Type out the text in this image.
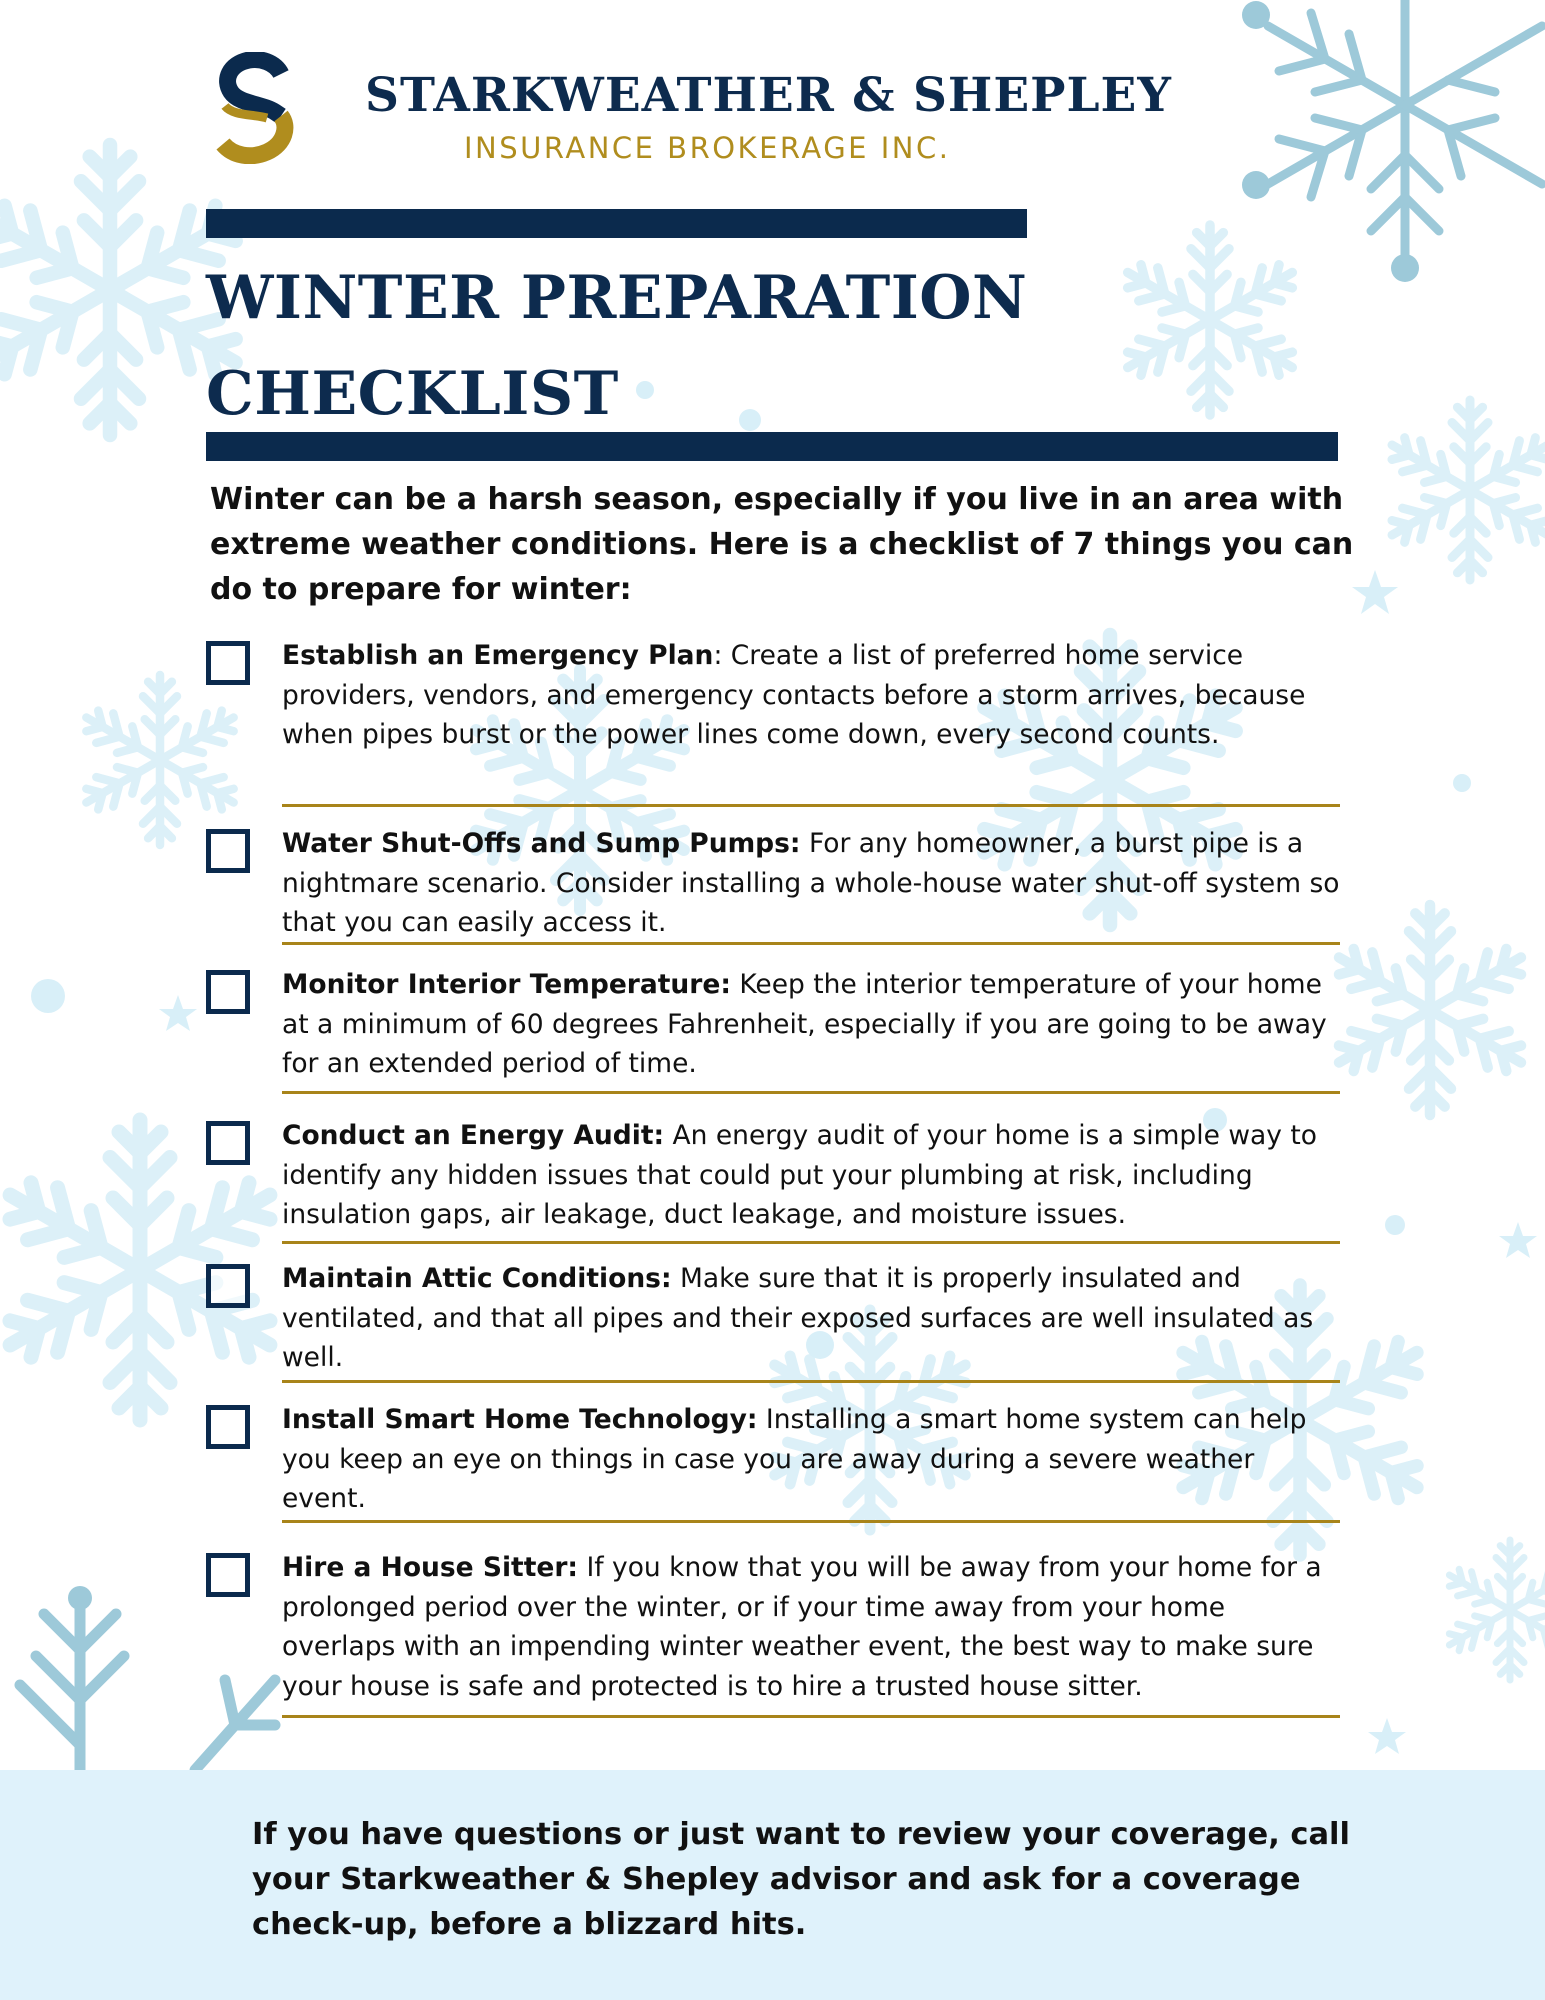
STARKWEATHER & SHEPLEY
INSURANCE BROKERAGE INC.
WINTER PREPARATION
CHECKLIST
Winter can be a harsh season, especially if you live in an area with extreme weather conditions. Here is a checklist of 7 things you can do to prepare for winter:
Establish an Emergency Plan: Create a list of preferred home service providers, vendors, and emergency contacts before a storm arrives, because when pipes burst or the power lines come down, every second counts.
Water Shut-Offs and Sump Pumps: For any homeowner, a burst pipe is a nightmare scenario. Consider installing a whole-house water shut-off system so that you can easily access it.
Monitor Interior Temperature: Keep the interior temperature of your home at a minimum of 60 degrees Fahrenheit, especially if you are going to be away for an extended period of time.
Conduct an Energy Audit: An energy audit of your home is a simple way to identify any hidden issues that could put your plumbing at risk, including insulation gaps, air leakage, duct leakage, and moisture issues.
Maintain Attic Conditions: Make sure that it is properly insulated and ventilated, and that all pipes and their exposed surfaces are well insulated as well.
Install Smart Home Technology: Installing a smart home system can help you keep an eye on things in case you are away during a severe weather event.
Hire a House Sitter: If you know that you will be away from your home for a prolonged period over the winter, or if your time away from your home overlaps with an impending winter weather event, the best way to make sure your house is safe and protected is to hire a trusted house sitter.
If you have questions or just want to review your coverage, call your Starkweather & Shepley advisor and ask for a coverage check-up, before a blizzard hits.
